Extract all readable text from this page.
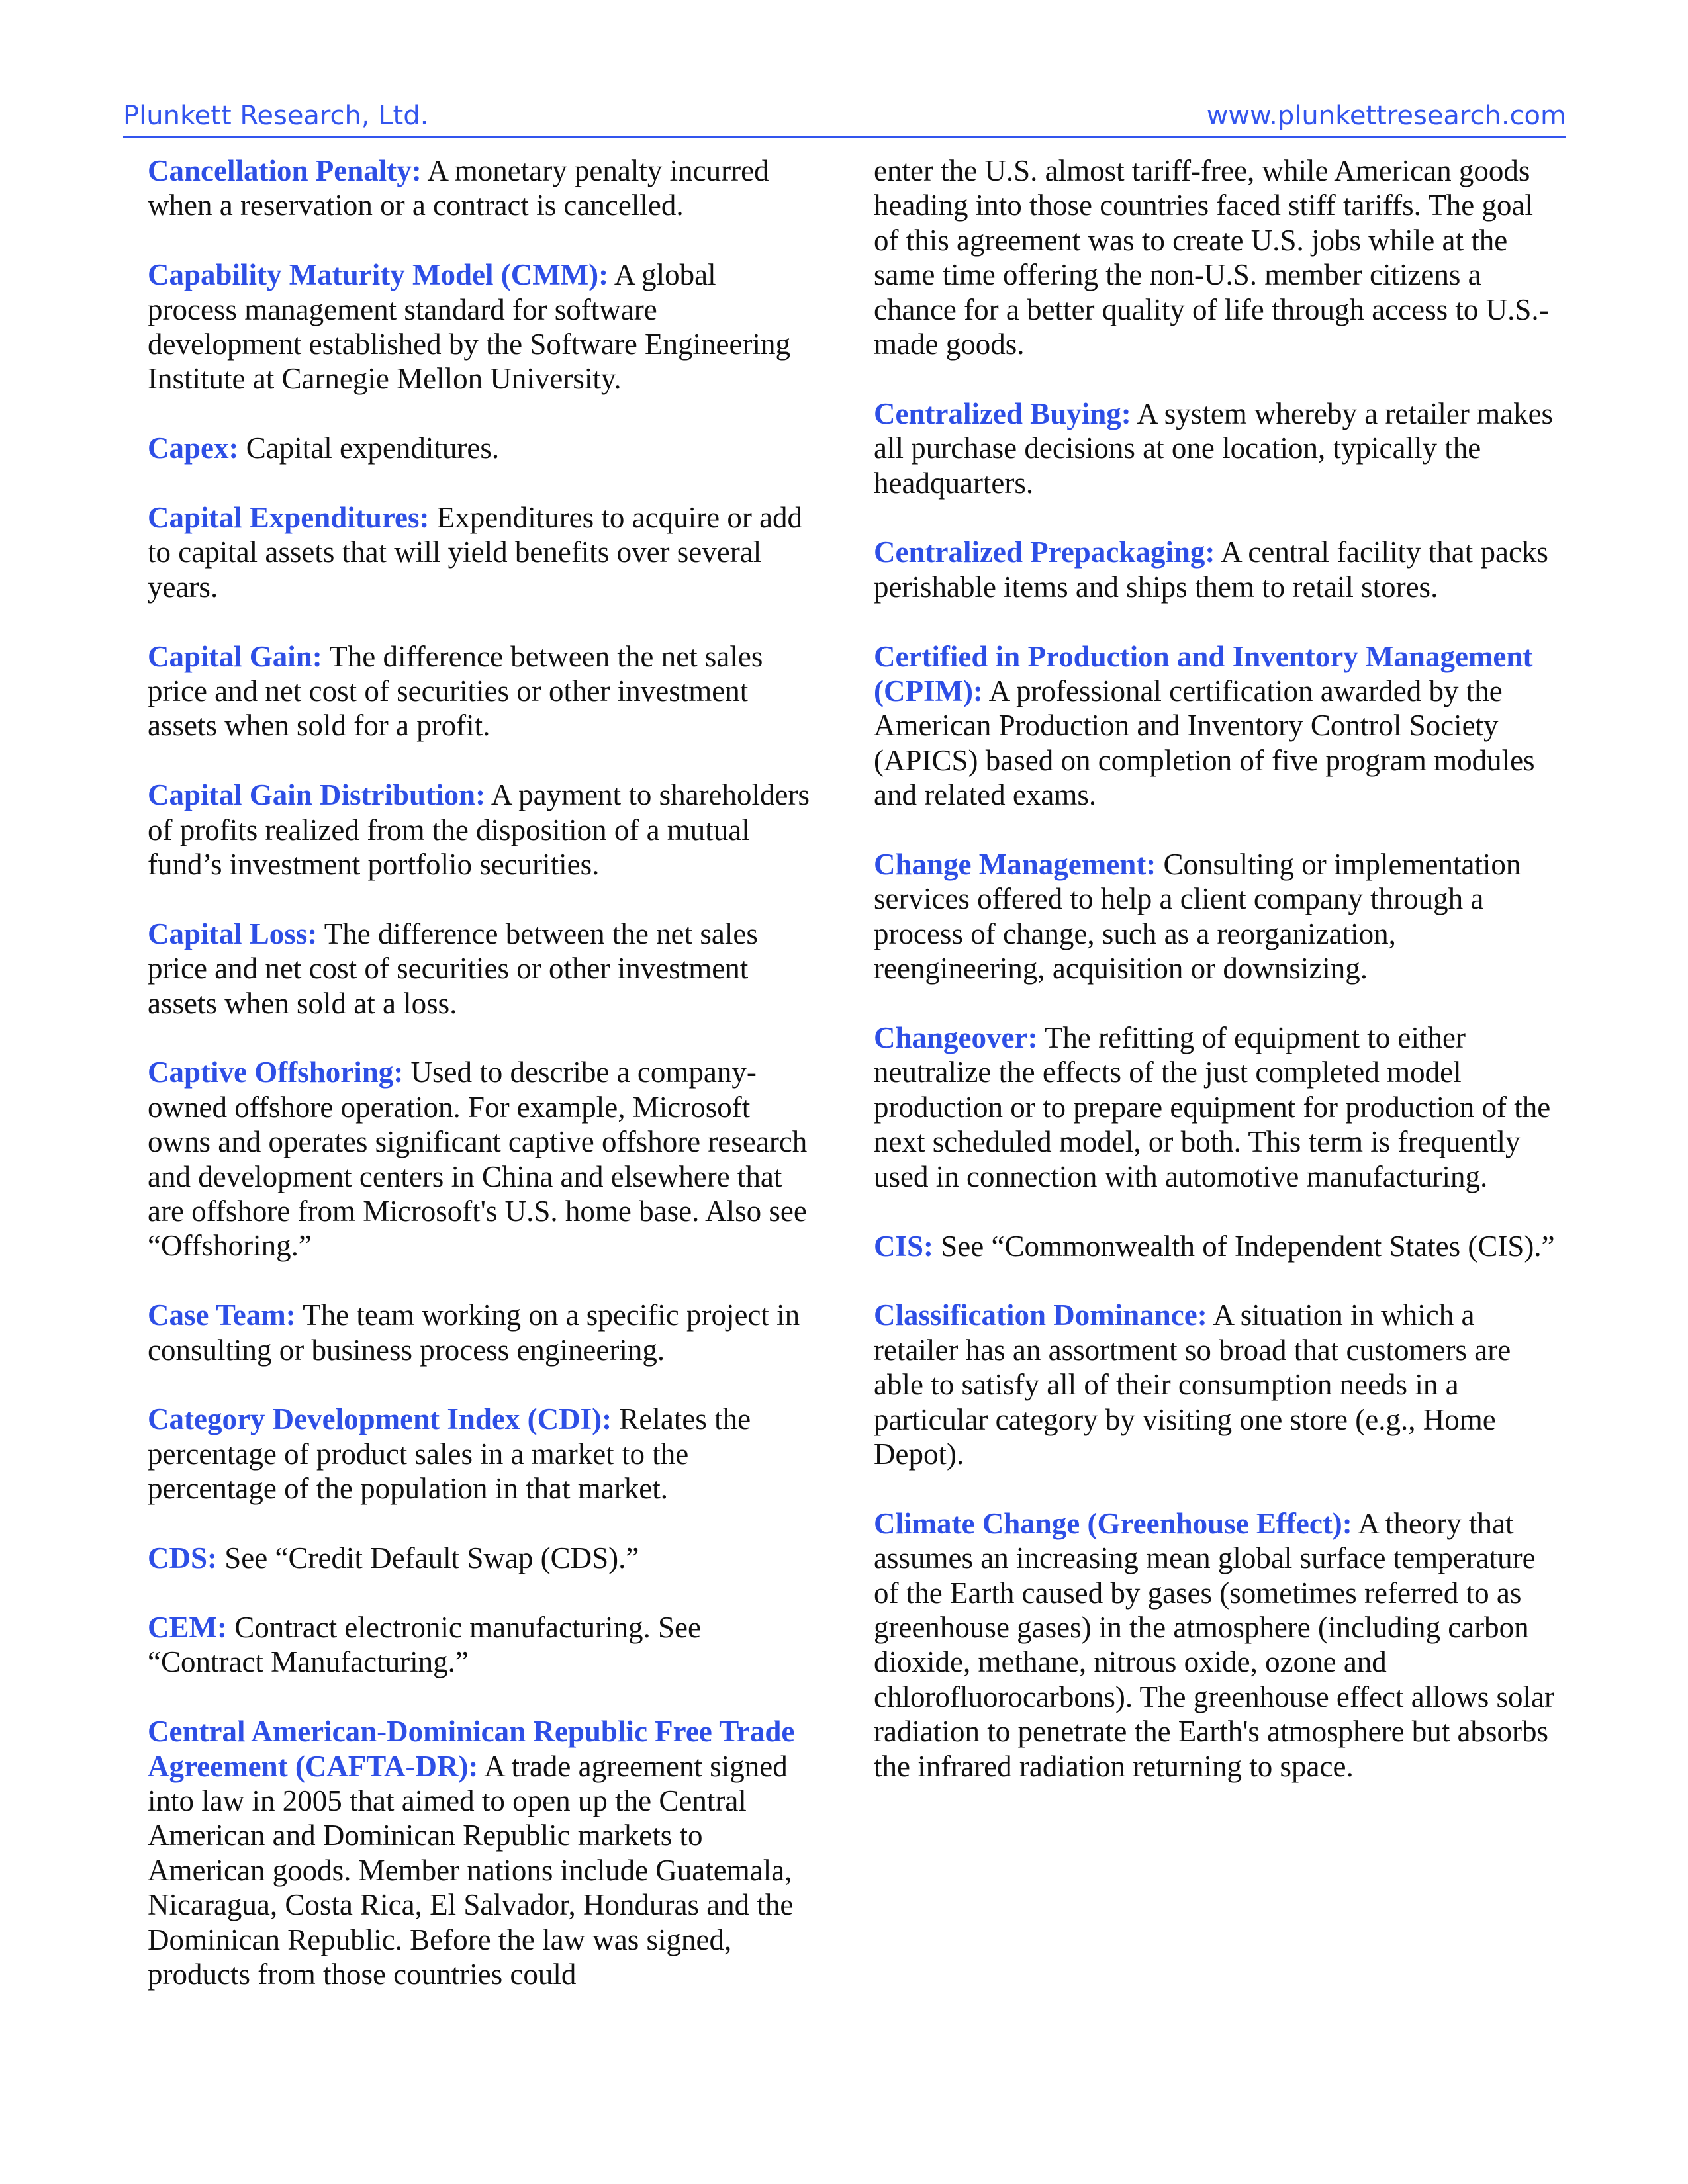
Plunkett Research, Ltd.	www.plunkettresearch.com

Cancellation Penalty: A monetary penalty incurred when a reservation or a contract is cancelled.

Capability Maturity Model (CMM): A global process management standard for software development established by the Software Engineering Institute at Carnegie Mellon University.

Capex: Capital expenditures.

Capital Expenditures: Expenditures to acquire or add to capital assets that will yield benefits over several years.

Capital Gain: The difference between the net sales price and net cost of securities or other investment assets when sold for a profit.

Capital Gain Distribution: A payment to shareholders of profits realized from the disposition of a mutual fund’s investment portfolio securities.

Capital Loss: The difference between the net sales price and net cost of securities or other investment assets when sold at a loss.

Captive Offshoring: Used to describe a company-owned offshore operation. For example, Microsoft owns and operates significant captive offshore research and development centers in China and elsewhere that are offshore from Microsoft's U.S. home base. Also see “Offshoring.”

Case Team: The team working on a specific project in consulting or business process engineering.

Category Development Index (CDI): Relates the percentage of product sales in a market to the percentage of the population in that market.

CDS: See “Credit Default Swap (CDS).”

CEM: Contract electronic manufacturing. See “Contract Manufacturing.”

Central American-Dominican Republic Free Trade Agreement (CAFTA-DR): A trade agreement signed into law in 2005 that aimed to open up the Central American and Dominican Republic markets to American goods. Member nations include Guatemala, Nicaragua, Costa Rica, El Salvador, Honduras and the Dominican Republic. Before the law was signed, products from those countries could

enter the U.S. almost tariff-free, while American goods heading into those countries faced stiff tariffs. The goal of this agreement was to create U.S. jobs while at the same time offering the non-U.S. member citizens a chance for a better quality of life through access to U.S.-made goods.

Centralized Buying: A system whereby a retailer makes all purchase decisions at one location, typically the headquarters.

Centralized Prepackaging: A central facility that packs perishable items and ships them to retail stores.

Certified in Production and Inventory Management (CPIM): A professional certification awarded by the American Production and Inventory Control Society (APICS) based on completion of five program modules and related exams.

Change Management: Consulting or implementation services offered to help a client company through a process of change, such as a reorganization, reengineering, acquisition or downsizing.

Changeover: The refitting of equipment to either neutralize the effects of the just completed model production or to prepare equipment for production of the next scheduled model, or both. This term is frequently used in connection with automotive manufacturing.

CIS: See “Commonwealth of Independent States (CIS).”

Classification Dominance: A situation in which a retailer has an assortment so broad that customers are able to satisfy all of their consumption needs in a particular category by visiting one store (e.g., Home Depot).

Climate Change (Greenhouse Effect): A theory that assumes an increasing mean global surface temperature of the Earth caused by gases (sometimes referred to as greenhouse gases) in the atmosphere (including carbon dioxide, methane, nitrous oxide, ozone and chlorofluorocarbons). The greenhouse effect allows solar radiation to penetrate the Earth's atmosphere but absorbs the infrared radiation returning to space.
